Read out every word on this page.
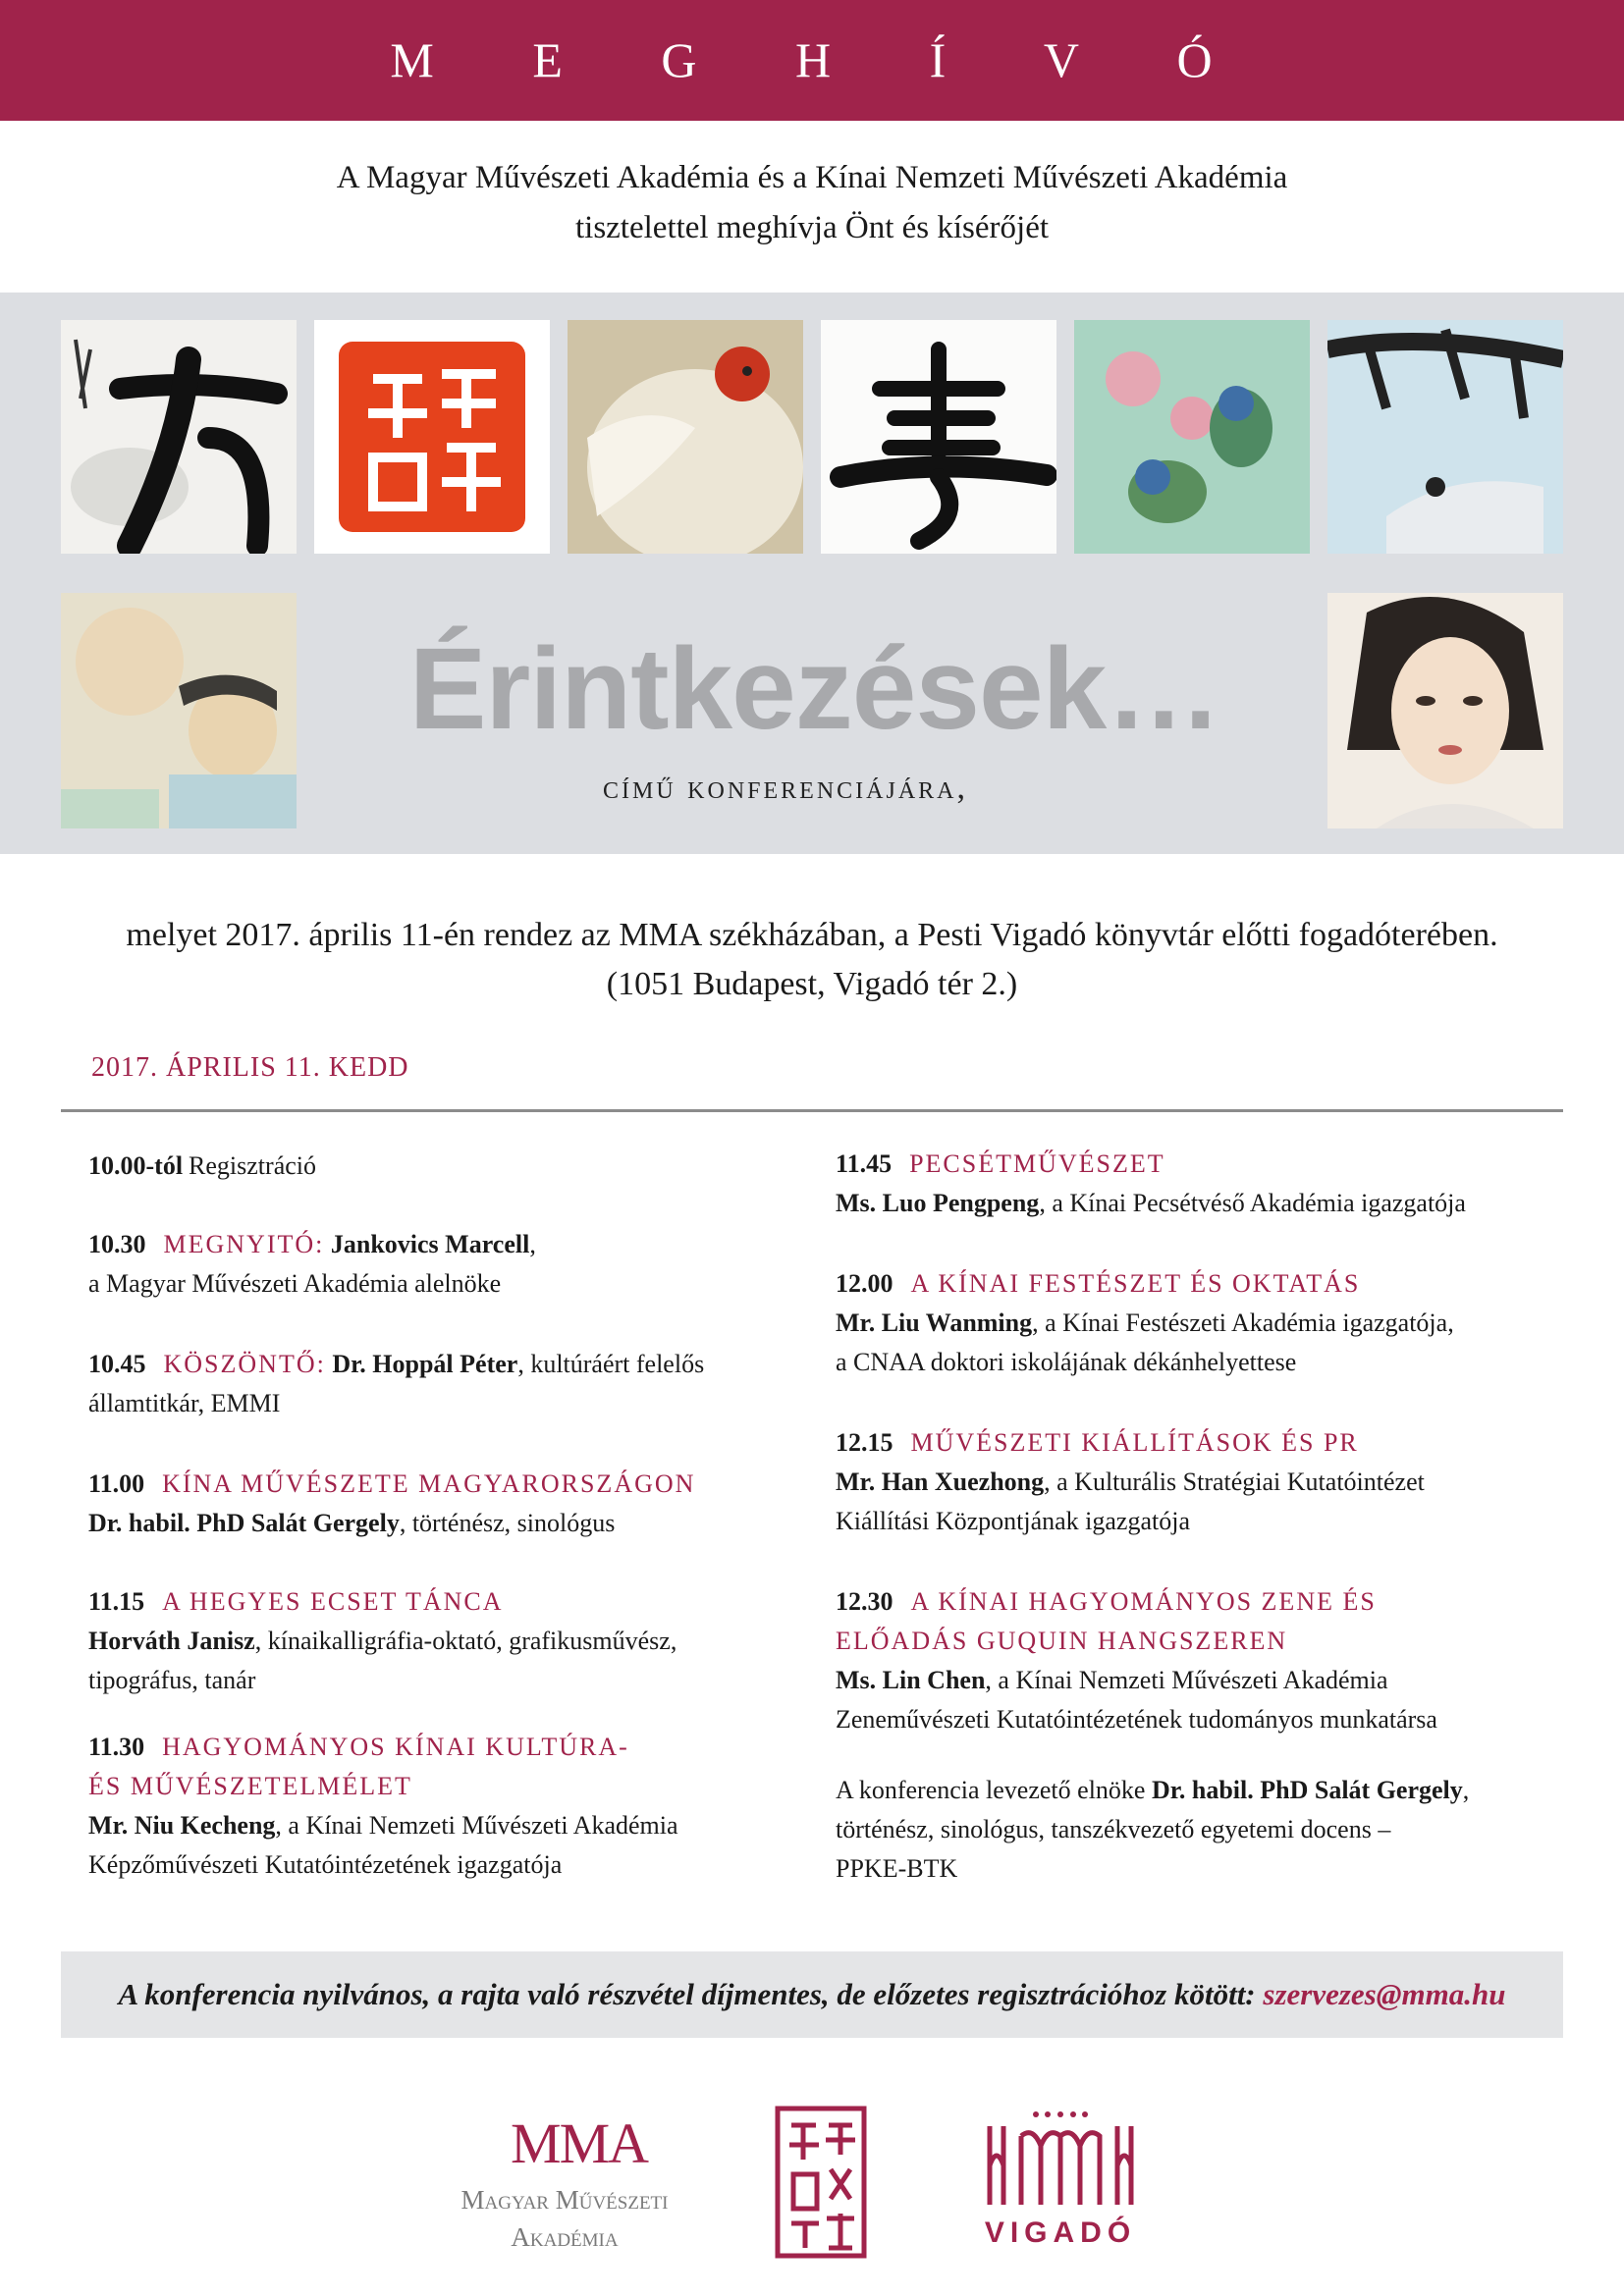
M E G H Í V Ó
A Magyar Művészeti Akadémia és a Kínai Nemzeti Művészeti Akadémia
tisztelettel meghívja Önt és kísérőjét
Érintkezések…
című konferenciájára,
melyet 2017. április 11-én rendez az MMA székházában, a Pesti Vigadó könyvtár előtti fogadóterében.
(1051 Budapest, Vigadó tér 2.)
2017. ÁPRILIS 11. KEDD

10.00-tól Regisztráció

10.30 MEGNYITÓ: Jankovics Marcell,

a Magyar Művészeti Akadémia alelnöke

10.45 KÖSZÖNTŐ: Dr. Hoppál Péter, kultúráért felelős

államtitkár, EMMI

11.00 KÍNA MŰVÉSZETE MAGYARORSZÁGON

Dr. habil. PhD Salát Gergely, történész, sinológus

11.15 A HEGYES ECSET TÁNCA

Horváth Janisz, kínaikalligráfia-oktató, grafikusművész,

tipográfus, tanár

11.30 HAGYOMÁNYOS KÍNAI KULTÚRA-

ÉS MŰVÉSZETELMÉLET

Mr. Niu Kecheng, a Kínai Nemzeti Művészeti Akadémia

Képzőművészeti Kutatóintézetének igazgatója

11.45 PECSÉTMŰVÉSZET

Ms. Luo Pengpeng, a Kínai Pecsétvéső Akadémia igazgatója

12.00 A KÍNAI FESTÉSZET ÉS OKTATÁS

Mr. Liu Wanming, a Kínai Festészeti Akadémia igazgatója,

a CNAA doktori iskolájának dékánhelyettese

12.15 MŰVÉSZETI KIÁLLÍTÁSOK ÉS PR

Mr. Han Xuezhong, a Kulturális Stratégiai Kutatóintézet

Kiállítási Központjának igazgatója

12.30 A KÍNAI HAGYOMÁNYOS ZENE ÉS

ELŐADÁS GUQUIN HANGSZEREN

Ms. Lin Chen, a Kínai Nemzeti Művészeti Akadémia

Zeneművészeti Kutatóintézetének tudományos munkatársa

A konferencia levezető elnöke Dr. habil. PhD Salát Gergely,

történész, sinológus, tanszékvezető egyetemi docens –

PPKE-BTK

A konferencia nyilvános, a rajta való részvétel díjmentes, de előzetes regisztrációhoz kötött: szervezes@mma.hu
MMA
Magyar Művészeti
Akadémia	VIGADÓ
